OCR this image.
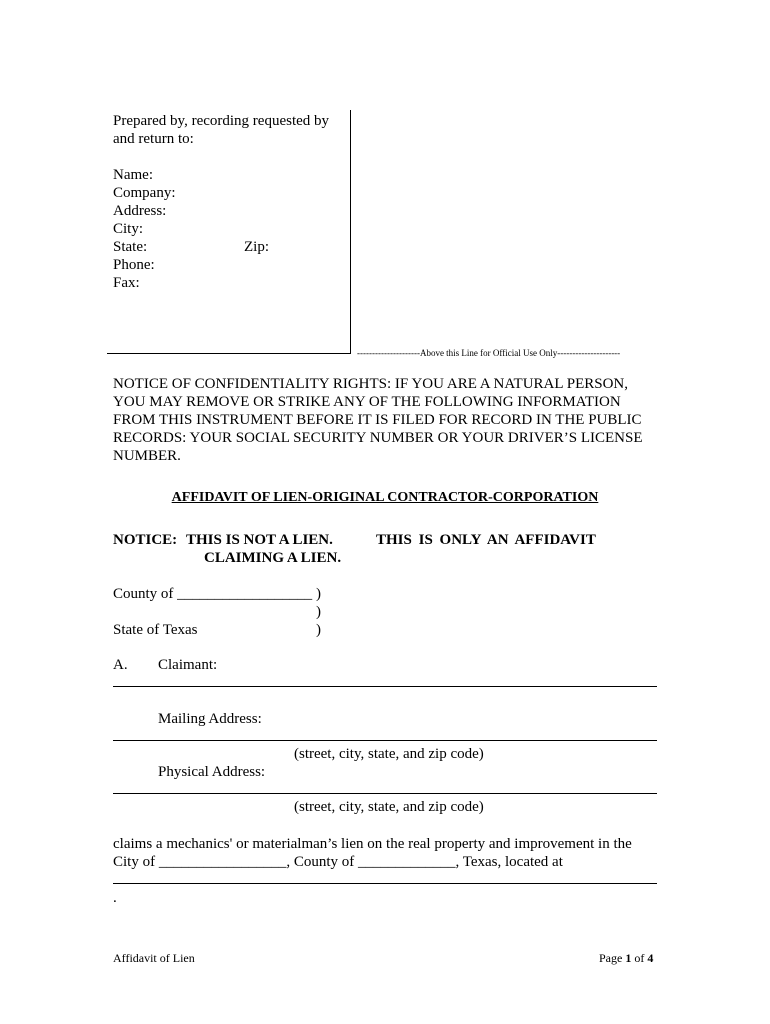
Prepared by, recording requested by
and return to:
Name:
Company:
Address:
City:
State:	Zip:
Phone:
Fax:
---------------------Above this Line for Official Use Only---------------------
NOTICE OF CONFIDENTIALITY RIGHTS: IF YOU ARE A NATURAL PERSON,
YOU MAY REMOVE OR STRIKE ANY OF THE FOLLOWING INFORMATION
FROM THIS INSTRUMENT BEFORE IT IS FILED FOR RECORD IN THE PUBLIC
RECORDS: YOUR SOCIAL SECURITY NUMBER OR YOUR DRIVER’S LICENSE
NUMBER.
AFFIDAVIT OF LIEN-ORIGINAL CONTRACTOR-CORPORATION
NOTICE: THIS IS NOT A LIEN.	THIS IS ONLY AN AFFIDAVIT
CLAIMING A LIEN.
County of __________________ )
)
State of Texas	)
A. Claimant:
Mailing Address:
(street, city, state, and zip code)
Physical Address:
(street, city, state, and zip code)
claims a mechanics' or materialman’s lien on the real property and improvement in the
City of _________________, County of _____________, Texas, located at
.
Affidavit of Lien	Page 1 of 4
